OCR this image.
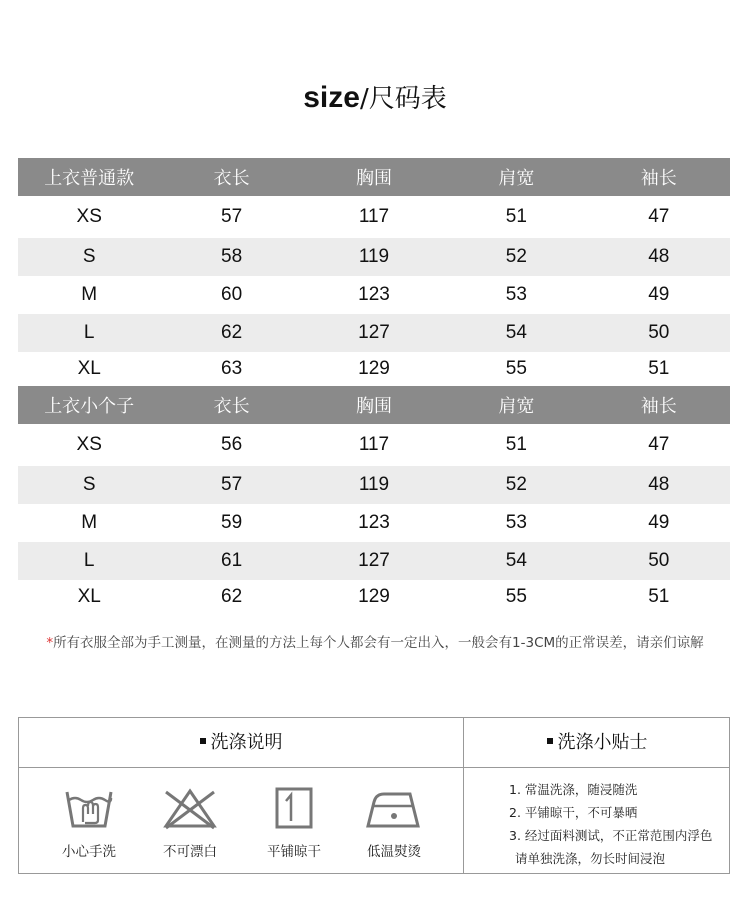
size/尺码表
上衣普通款	衣长	胸围	肩宽	袖长
XS	57	117	51	47
S	58	119	52	48
M	60	123	53	49
L	62	127	54	50
XL	63	129	55	51
上衣小个子	衣长	胸围	肩宽	袖长
XS	56	117	51	47
S	57	119	52	48
M	59	123	53	49
L	61	127	54	50
XL	62	129	55	51
*所有衣服全部为手工测量，在测量的方法上每个人都会有一定出入，一般会有1-3CM的正常误差，请亲们谅解
洗涤说明	洗涤小贴士
小心手洗	不可漂白	平铺晾干	低温熨烫
1. 常温洗涤，随浸随洗
2. 平铺晾干，不可暴晒
3. 经过面料测试，不正常范围内浮色
请单独洗涤，勿长时间浸泡
